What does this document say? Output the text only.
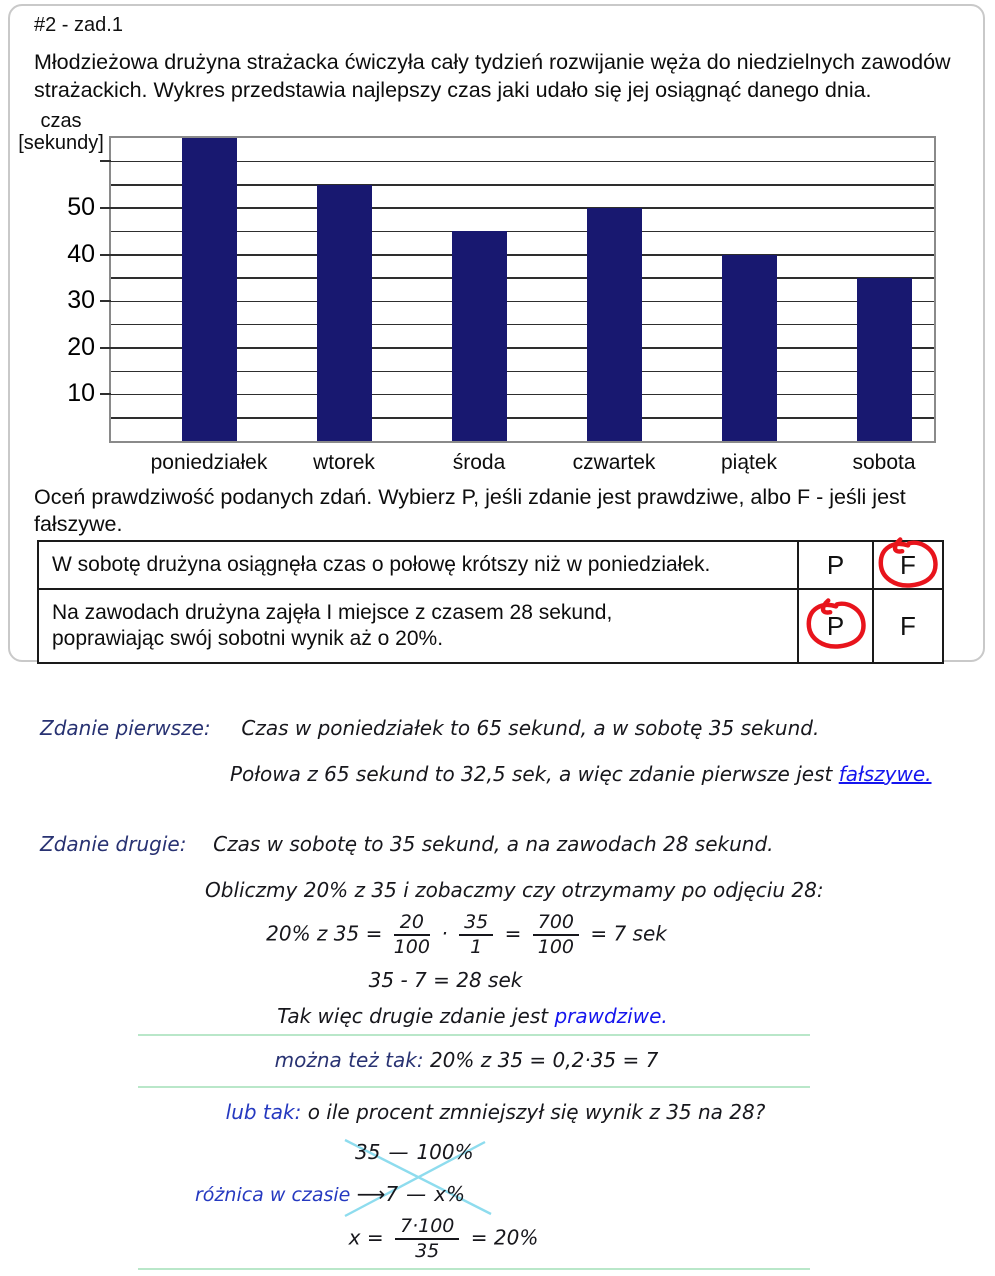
#2 - zad.1
Młodzieżowa drużyna strażacka ćwiczyła cały tydzień rozwijanie węża do niedzielnych zawodów strażackich. Wykres przedstawia najlepszy czas jaki udało się jej osiągnąć danego dnia.
czas
[sekundy]
10
20
30
40
50
poniedziałek	wtorek	środa	czwartek	piątek	sobota
Oceń prawdziwość podanych zdań. Wybierz P, jeśli zdanie jest prawdziwe, albo F - jeśli jest fałszywe.
W sobotę drużyna osiągnęła czas o połowę krótszy niż w poniedziałek.	P F
Na zawodach drużyna zajęła I miejsce z czasem 28 sekund,
poprawiając swój sobotni wynik aż o 20%.	P F
Zdanie pierwsze: Czas w poniedziałek to 65 sekund, a w sobotę 35 sekund.
Połowa z 65 sekund to 32,5 sek, a więc zdanie pierwsze jest fałszywe.
Zdanie drugie: Czas w sobotę to 35 sekund, a na zawodach 28 sekund.
Obliczmy 20% z 35 i zobaczmy czy otrzymamy po odjęciu 28:
20% z $35 = \frac{20}{100} \cdot \frac{35}{1} = \frac{700}{100} = 7$ sek
35 - 7 = 28 sek
Tak więc drugie zdanie jest prawdziwe.
można też tak: 20% z 35 = 0,2·35 = 7
lub tak: o ile procent zmniejszył się wynik z 35 na 28?
35 — 100%
różnica w czasie ⟶7 — x%
$x = \frac{7\cdot 100}{35} = 20\%$
